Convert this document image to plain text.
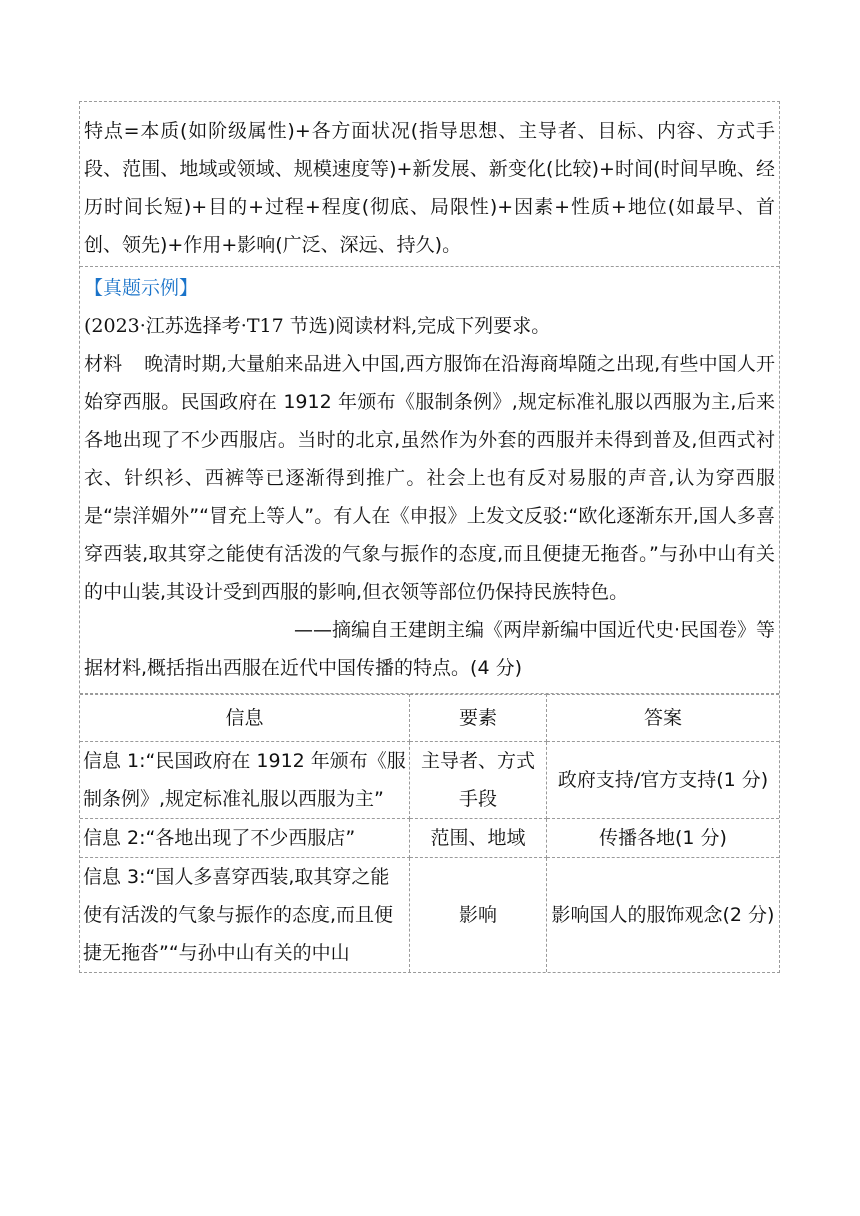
特点=本质(如阶级属性)+各方面状况(指导思想、主导者、目标、内容、方式手段、范围、地域或领域、规模速度等)+新发展、新变化(比较)+时间(时间早晚、经历时间长短)+目的+过程+程度(彻底、局限性)+因素+性质+地位(如最早、首创、领先)+作用+影响(广泛、深远、持久)。
【真题示例】
(2023·江苏选择考·T17 节选)阅读材料,完成下列要求。
材料 晚清时期,大量舶来品进入中国,西方服饰在沿海商埠随之出现,有些中国人开始穿西服。民国政府在 1912 年颁布《服制条例》,规定标准礼服以西服为主,后来各地出现了不少西服店。当时的北京,虽然作为外套的西服并未得到普及,但西式衬衣、针织衫、西裤等已逐渐得到推广。社会上也有反对易服的声音,认为穿西服是“崇洋媚外”“冒充上等人”。有人在《申报》上发文反驳:“欧化逐渐东开,国人多喜穿西装,取其穿之能使有活泼的气象与振作的态度,而且便捷无拖沓。”与孙中山有关的中山装,其设计受到西服的影响,但衣领等部位仍保持民族特色。
——摘编自王建朗主编《两岸新编中国近代史·民国卷》等
据材料,概括指出西服在近代中国传播的特点。(4 分)
信息	要素	答案
信息 1:“民国政府在 1912 年颁布《服制条例》,规定标准礼服以西服为主”	主导者、方式手段	政府支持/官方支持(1 分)
信息 2:“各地出现了不少西服店”	范围、地域	传播各地(1 分)
信息 3:“国人多喜穿西装,取其穿之能使有活泼的气象与振作的态度,而且便捷无拖沓”“与孙中山有关的中山	影响	影响国人的服饰观念(2 分)
